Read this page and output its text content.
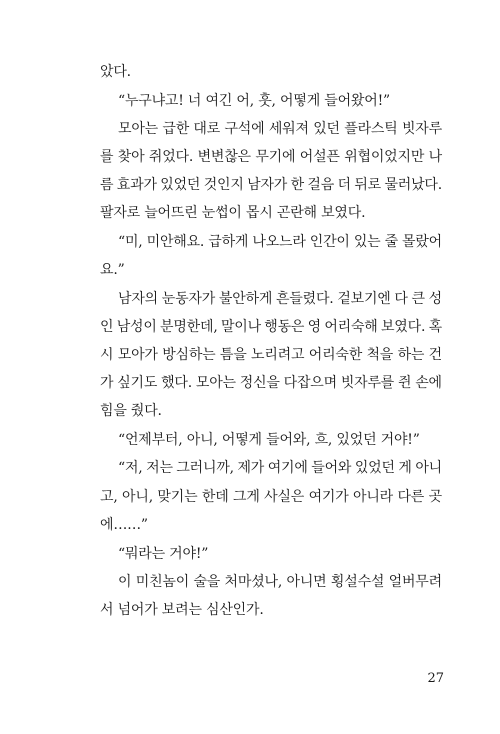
았다.
“누구냐고! 너 여긴 어, 훗, 어떻게 들어왔어!”
모아는 급한 대로 구석에 세워져 있던 플라스틱 빗자루
를 찾아 쥐었다. 변변찮은 무기에 어설픈 위협이었지만 나
름 효과가 있었던 것인지 남자가 한 걸음 더 뒤로 물러났다.
팔자로 늘어뜨린 눈썹이 몹시 곤란해 보였다.
“미, 미안해요. 급하게 나오느라 인간이 있는 줄 몰랐어
요.”
남자의 눈동자가 불안하게 흔들렸다. 겉보기엔 다 큰 성
인 남성이 분명한데, 말이나 행동은 영 어리숙해 보였다. 혹
시 모아가 방심하는 틈을 노리려고 어리숙한 척을 하는 건
가 싶기도 했다. 모아는 정신을 다잡으며 빗자루를 쥔 손에
힘을 줬다.
“언제부터, 아니, 어떻게 들어와, 흐, 있었던 거야!”
“저, 저는 그러니까, 제가 여기에 들어와 있었던 게 아니
고, 아니, 맞기는 한데 그게 사실은 여기가 아니라 다른 곳
에……”
“뭐라는 거야!”
이 미친놈이 술을 처마셨나, 아니면 횡설수설 얼버무려
서 넘어가 보려는 심산인가.
27
